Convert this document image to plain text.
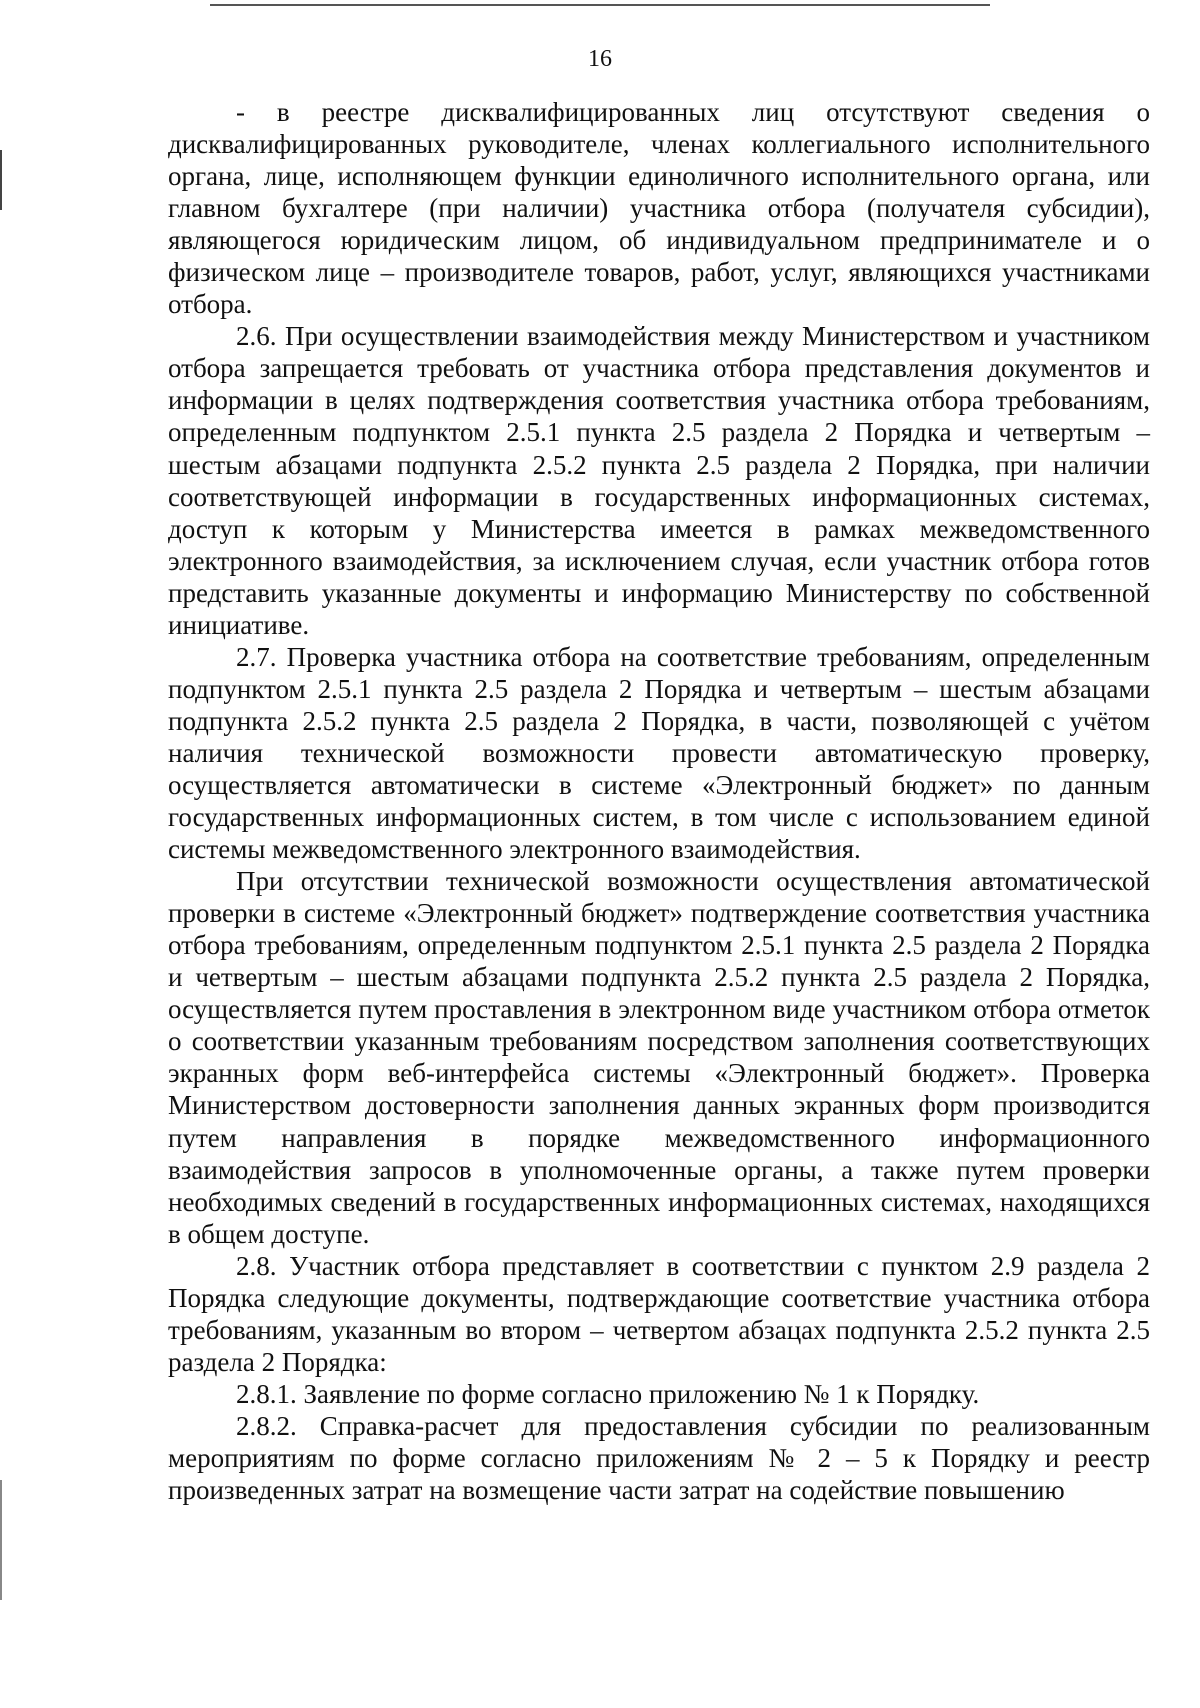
16

- в реестре дисквалифицированных лиц отсутствуют сведения о дисквалифицированных руководителе, членах коллегиального исполнительного органа, лице, исполняющем функции единоличного исполнительного органа, или главном бухгалтере (при наличии) участника отбора (получателя субсидии), являющегося юридическим лицом, об индивидуальном предпринимателе и о физическом лице – производителе товаров, работ, услуг, являющихся участниками отбора.

2.6. При осуществлении взаимодействия между Министерством и участником отбора запрещается требовать от участника отбора представления документов и информации в целях подтверждения соответствия участника отбора требованиям, определенным подпунктом 2.5.1 пункта 2.5 раздела 2 Порядка и четвертым – шестым абзацами подпункта 2.5.2 пункта 2.5 раздела 2 Порядка, при наличии соответствующей информации в государственных информационных системах, доступ к которым у Министерства имеется в рамках межведомственного электронного взаимодействия, за исключением случая, если участник отбора готов представить указанные документы и информацию Министерству по собственной инициативе.

2.7. Проверка участника отбора на соответствие требованиям, определенным подпунктом 2.5.1 пункта 2.5 раздела 2 Порядка и четвертым – шестым абзацами подпункта 2.5.2 пункта 2.5 раздела 2 Порядка, в части, позволяющей с учётом наличия технической возможности провести автоматическую проверку, осуществляется автоматически в системе «Электронный бюджет» по данным государственных информационных систем, в том числе с использованием единой системы межведомственного электронного взаимодействия.

При отсутствии технической возможности осуществления автоматической проверки в системе «Электронный бюджет» подтверждение соответствия участника отбора требованиям, определенным подпунктом 2.5.1 пункта 2.5 раздела 2 Порядка и четвертым – шестым абзацами подпункта 2.5.2 пункта 2.5 раздела 2 Порядка, осуществляется путем проставления в электронном виде участником отбора отметок о соответствии указанным требованиям посредством заполнения соответствующих экранных форм веб-интерфейса системы «Электронный бюджет». Проверка Министерством достоверности заполнения данных экранных форм производится путем направления в порядке межведомственного информационного взаимодействия запросов в уполномоченные органы, а также путем проверки необходимых сведений в государственных информационных системах, находящихся в общем доступе.

2.8. Участник отбора представляет в соответствии с пунктом 2.9 раздела 2 Порядка следующие документы, подтверждающие соответствие участника отбора требованиям, указанным во втором – четвертом абзацах подпункта 2.5.2 пункта 2.5 раздела 2 Порядка:

2.8.1. Заявление по форме согласно приложению № 1 к Порядку.

2.8.2. Справка-расчет для предоставления субсидии по реализованным мероприятиям по форме согласно приложениям № 2 – 5 к Порядку и реестр произведенных затрат на возмещение части затрат на содействие повышению
